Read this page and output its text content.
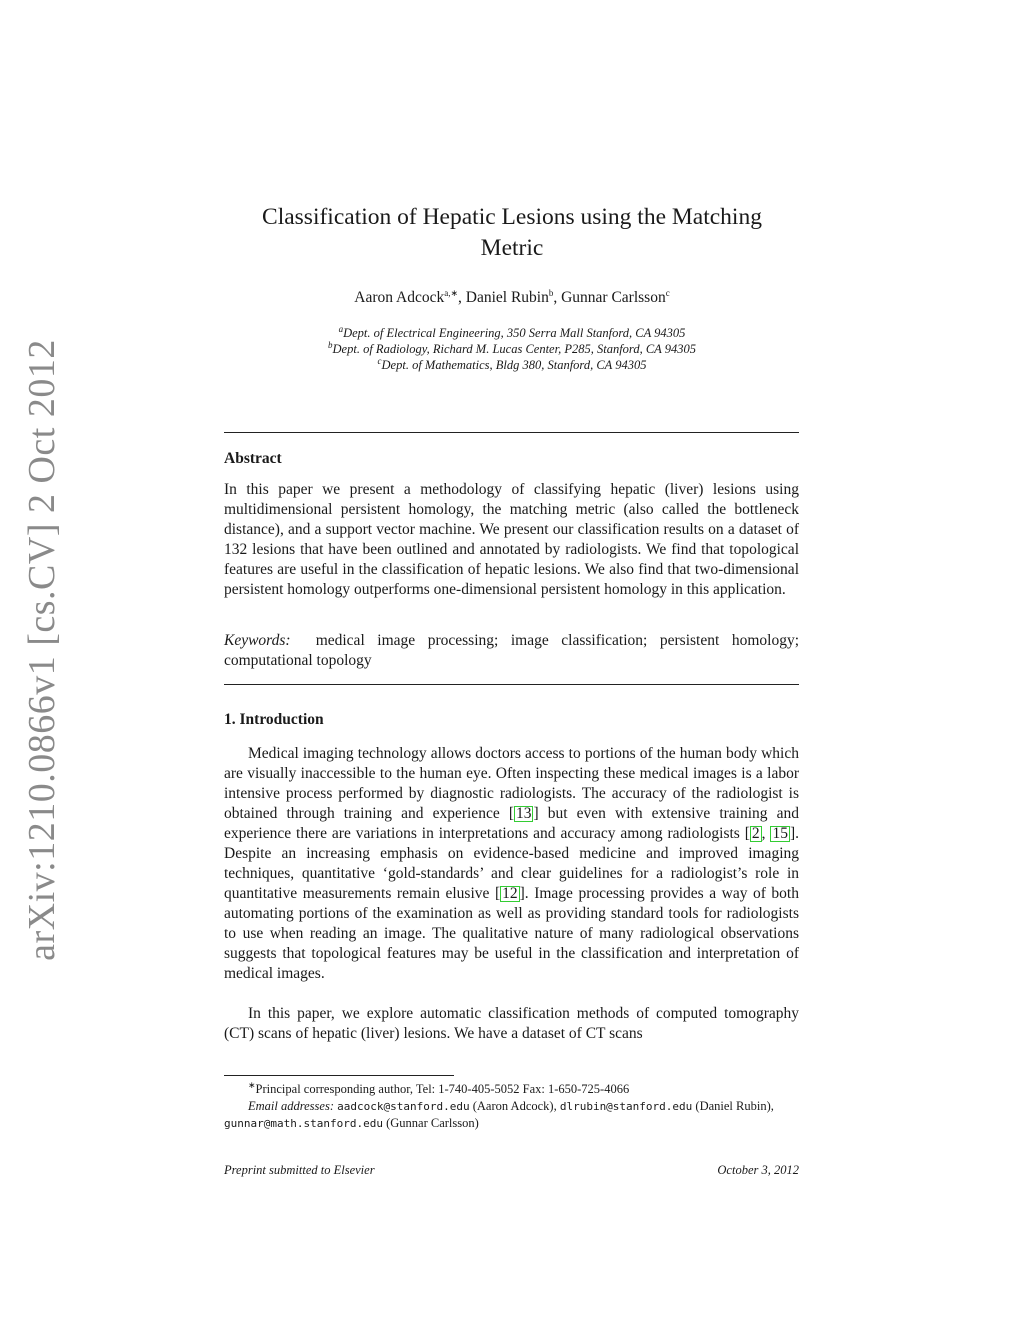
arXiv:1210.0866v1 [cs.CV] 2 Oct 2012
Classification of Hepatic Lesions using the Matching
Metric
Aaron Adcock$^{a,∗}$, Daniel Rubin$^b$, Gunnar Carlsson$^c$
$^a$Dept. of Electrical Engineering, 350 Serra Mall Stanford, CA 94305
$^b$Dept. of Radiology, Richard M. Lucas Center, P285, Stanford, CA 94305
$^c$Dept. of Mathematics, Bldg 380, Stanford, CA 94305
Abstract
In this paper we present a methodology of classifying hepatic (liver) lesions using multidimensional persistent homology, the matching metric (also called the bottleneck distance), and a support vector machine. We present our classification results on a dataset of 132 lesions that have been outlined and annotated by radiologists. We find that topological features are useful in the classification of hepatic lesions. We also find that two-dimensional persistent homology outperforms one-dimensional persistent homology in this application.
Keywords: medical image processing; image classification; persistent homology; computational topology
1. Introduction
Medical imaging technology allows doctors access to portions of the human body which are visually inaccessible to the human eye. Often inspecting these medical images is a labor intensive process performed by diagnostic radiologists. The accuracy of the radiologist is obtained through training and experience [ 13 ] but even with extensive training and experience there are variations in interpretations and accuracy among radiologists [ 2 , 15 ]. Despite an increasing emphasis on evidence-based medicine and improved imaging techniques, quantitative ‘gold-standards’ and clear guidelines for a radiologist’s role in quantitative measurements remain elusive [ 12 ]. Image processing provides a way of both automating portions of the examination as well as providing standard tools for radiologists to use when reading an image. The qualitative nature of many radiological observations suggests that topological features may be useful in the classification and interpretation of medical images.
In this paper, we explore automatic classification methods of computed tomography (CT) scans of hepatic (liver) lesions. We have a dataset of CT scans
∗Principal corresponding author, Tel: 1-740-405-5052 Fax: 1-650-725-4066
Email addresses: aadcock@stanford.edu (Aaron Adcock), dlrubin@stanford.edu (Daniel Rubin), gunnar@math.stanford.edu (Gunnar Carlsson)
Preprint submitted to Elsevier	October 3, 2012
